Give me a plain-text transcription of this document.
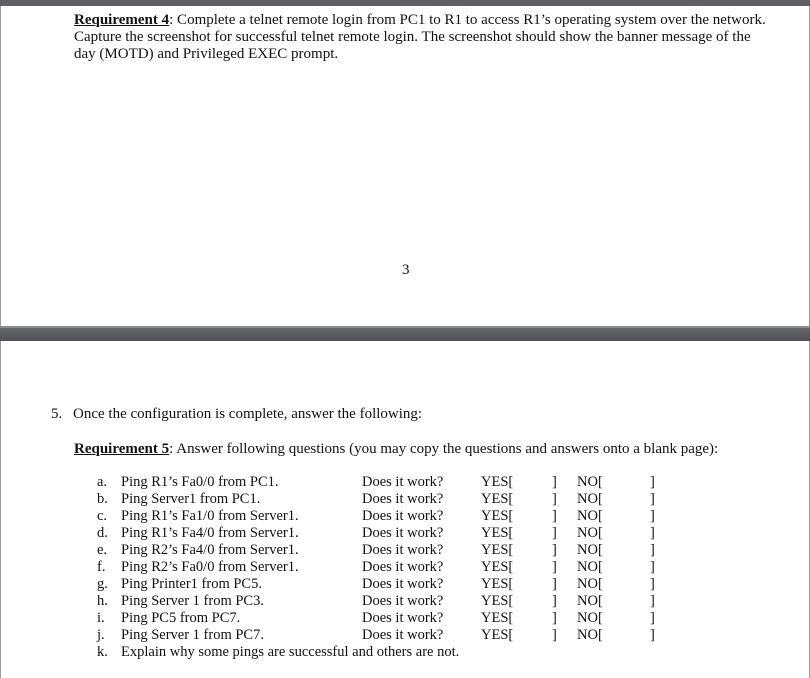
Requirement 4: Complete a telnet remote login from PC1 to R1 to access R1’s operating system over the network. Capture the screenshot for successful telnet remote login. The screenshot should show the banner message of the day (MOTD) and Privileged EXEC prompt.
3
5. Once the configuration is complete, answer the following:
Requirement 5: Answer following questions (you may copy the questions and answers onto a blank page):
a. Ping R1’s Fa0/0 from PC1.	Does it work?	YES[	] NO[	]
b. Ping Server1 from PC1.	Does it work?	YES[	] NO[	]
c. Ping R1’s Fa1/0 from Server1.	Does it work?	YES[	] NO[	]
d. Ping R1’s Fa4/0 from Server1.	Does it work?	YES[	] NO[	]
e. Ping R2’s Fa4/0 from Server1.	Does it work?	YES[	] NO[	]
f. Ping R2’s Fa0/0 from Server1.	Does it work?	YES[	] NO[	]
g. Ping Printer1 from PC5.	Does it work?	YES[	] NO[	]
h. Ping Server 1 from PC3.	Does it work?	YES[	] NO[	]
i. Ping PC5 from PC7.	Does it work?	YES[	] NO[	]
j. Ping Server 1 from PC7.	Does it work?	YES[	] NO[	]
k. Explain why some pings are successful and others are not.
